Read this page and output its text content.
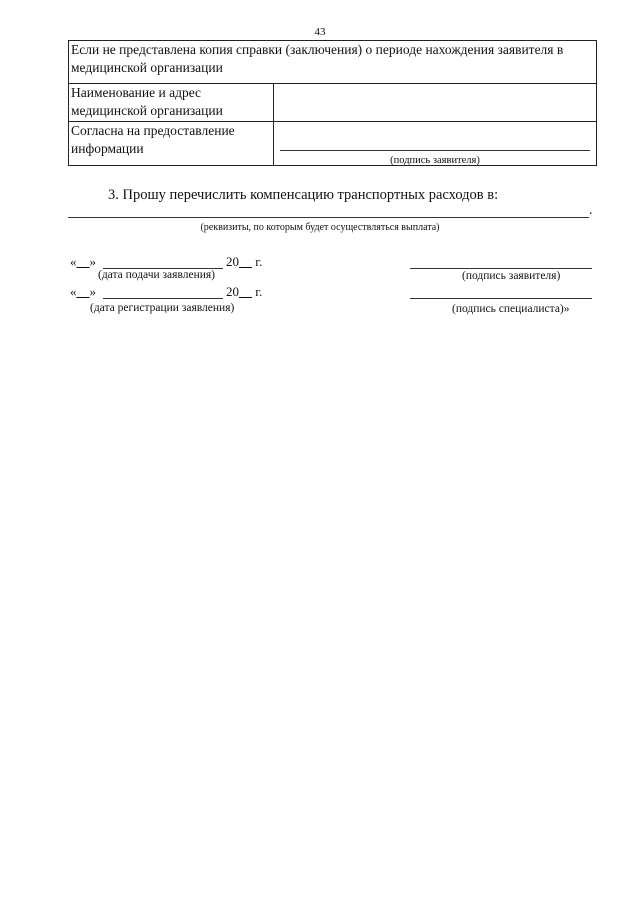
43
Если не представлена копия справки (заключения) о периоде нахождения заявителя в медицинской организации	
Наименование и адрес медицинской организации	
Согласна на предоставление информации	(подпись заявителя)
3. Прошу перечислить компенсацию транспортных расходов в:
.
(реквизиты, по которым будет осуществляться выплата)
«__»	20__ г.
(дата подачи заявления)	(подпись заявителя)
«__»	20__ г.
(дата регистрации заявления)	(подпись специалиста)»
